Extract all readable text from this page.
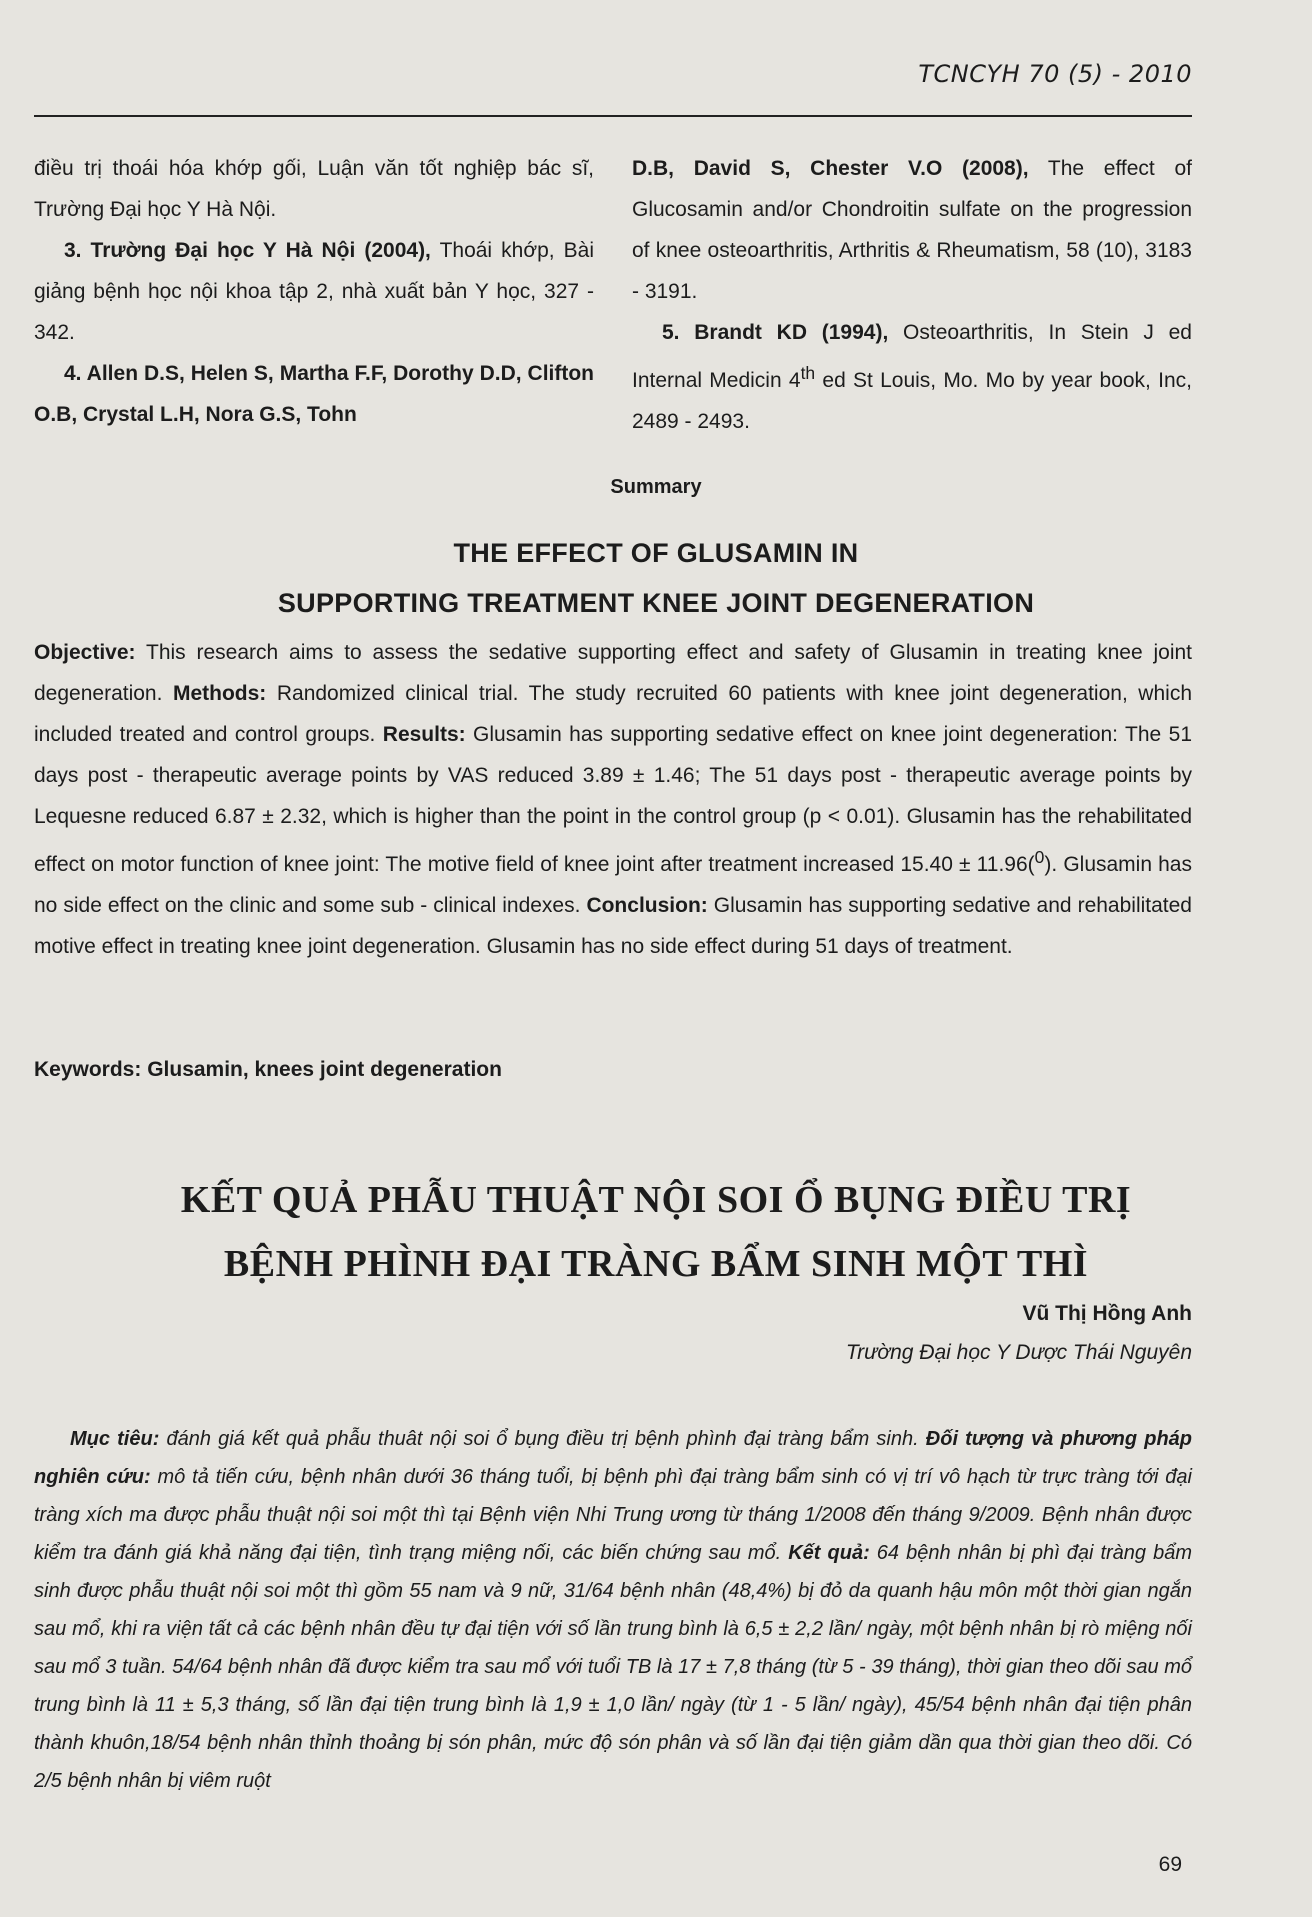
TCNCYH 70 (5) - 2010

điều trị thoái hóa khớp gối, Luận văn tốt nghiệp bác sĩ, Trường Đại học Y Hà Nội.

3. Trường Đại học Y Hà Nội (2004), Thoái khớp, Bài giảng bệnh học nội khoa tập 2, nhà xuất bản Y học, 327 - 342.

4. Allen D.S, Helen S, Martha F.F, Dorothy D.D, Clifton O.B, Crystal L.H, Nora G.S, Tohn

D.B, David S, Chester V.O (2008), The effect of Glucosamin and/or Chondroitin sulfate on the progression of knee osteoarthritis, Arthritis & Rheumatism, 58 (10), 3183 - 3191.

5. Brandt KD (1994), Osteoarthritis, In Stein J ed Internal Medicin 4th ed St Louis, Mo. Mo by year book, Inc, 2489 - 2493.

Summary
THE EFFECT OF GLUSAMIN IN
SUPPORTING TREATMENT KNEE JOINT DEGENERATION

Objective: This research aims to assess the sedative supporting effect and safety of Glusamin in treating knee joint degeneration. Methods: Randomized clinical trial. The study recruited 60 patients with knee joint degeneration, which included treated and control groups. Results: Glusamin has supporting sedative effect on knee joint degeneration: The 51 days post - therapeutic average points by VAS reduced 3.89 ± 1.46; The 51 days post - therapeutic average points by Lequesne reduced 6.87 ± 2.32, which is higher than the point in the control group (p < 0.01). Glusamin has the rehabilitated effect on motor function of knee joint: The motive field of knee joint after treatment increased 15.40 ± 11.96($^0$). Glusamin has no side effect on the clinic and some sub - clinical indexes. Conclusion: Glusamin has supporting sedative and rehabilitated motive effect in treating knee joint degeneration. Glusamin has no side effect during 51 days of treatment.

Keywords: Glusamin, knees joint degeneration
KẾT QUẢ PHẪU THUẬT NỘI SOI Ổ BỤNG ĐIỀU TRỊ
BỆNH PHÌNH ĐẠI TRÀNG BẨM SINH MỘT THÌ
Vũ Thị Hồng Anh
Trường Đại học Y Dược Thái Nguyên

Mục tiêu: đánh giá kết quả phẫu thuât nội soi ổ bụng điều trị bệnh phình đại tràng bẩm sinh. Đối tượng và phương pháp nghiên cứu: mô tả tiến cứu, bệnh nhân dưới 36 tháng tuổi, bị bệnh phì đại tràng bẩm sinh có vị trí vô hạch từ trực tràng tới đại tràng xích ma được phẫu thuật nội soi một thì tại Bệnh viện Nhi Trung ương từ tháng 1/2008 đến tháng 9/2009. Bệnh nhân được kiểm tra đánh giá khả năng đại tiện, tình trạng miệng nối, các biến chứng sau mổ. Kết quả: 64 bệnh nhân bị phì đại tràng bẩm sinh được phẫu thuật nội soi một thì gồm 55 nam và 9 nữ, 31/64 bệnh nhân (48,4%) bị đỏ da quanh hậu môn một thời gian ngắn sau mổ, khi ra viện tất cả các bệnh nhân đều tự đại tiện với số lần trung bình là 6,5 ± 2,2 lần/ ngày, một bệnh nhân bị rò miệng nối sau mổ 3 tuần. 54/64 bệnh nhân đã được kiểm tra sau mổ với tuổi TB là 17 ± 7,8 tháng (từ 5 - 39 tháng), thời gian theo dõi sau mổ trung bình là 11 ± 5,3 tháng, số lần đại tiện trung bình là 1,9 ± 1,0 lần/ ngày (từ 1 - 5 lần/ ngày), 45/54 bệnh nhân đại tiện phân thành khuôn,18/54 bệnh nhân thỉnh thoảng bị són phân, mức độ són phân và số lần đại tiện giảm dần qua thời gian theo dõi. Có 2/5 bệnh nhân bị viêm ruột

69
